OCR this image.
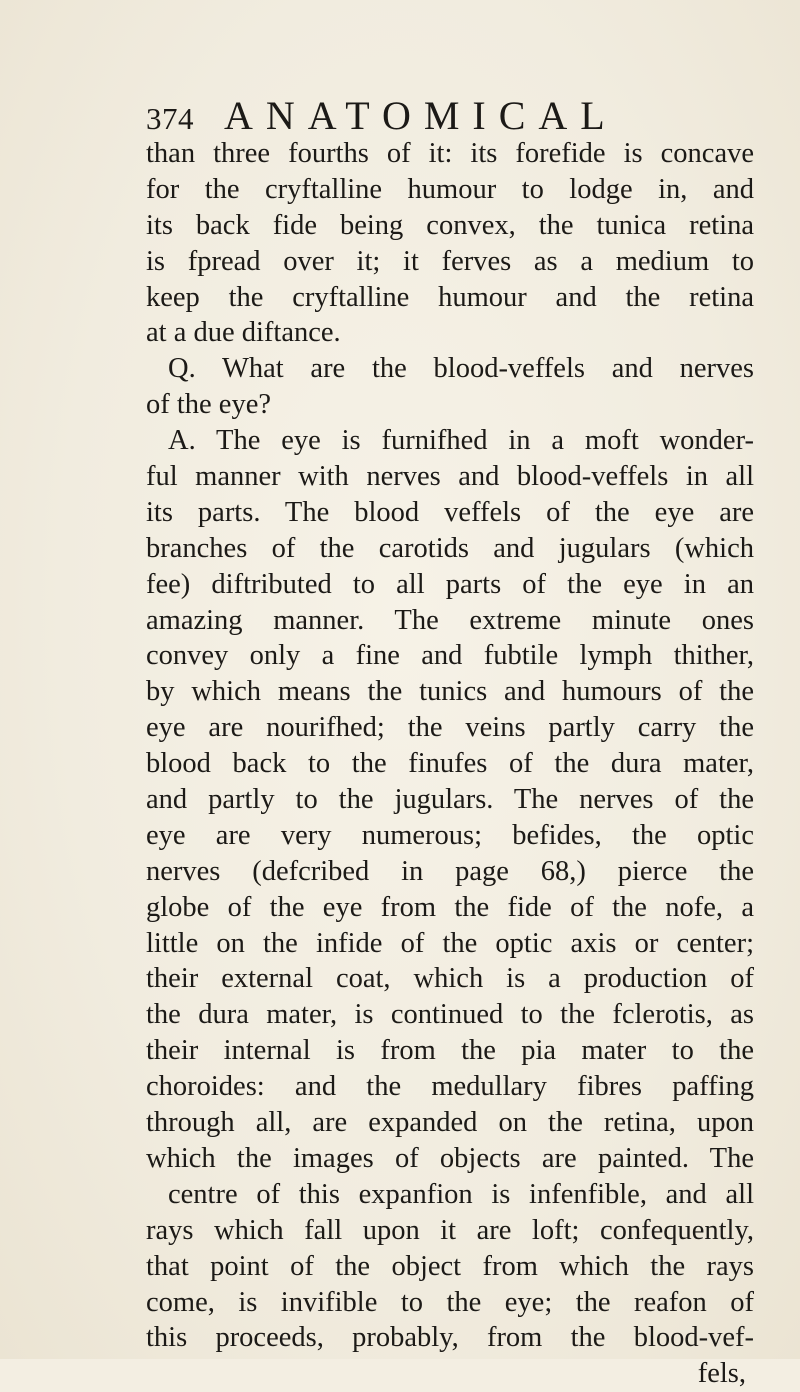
374 ANATOMICAL
than three fourths of it: its forefide is concave
for the cryftalline humour to lodge in, and
its back fide being convex, the tunica retina
is fpread over it; it ferves as a medium to
keep the cryftalline humour and the retina
at a due diftance.
Q. What are the blood-veffels and nerves
of the eye?
A. The eye is furnifhed in a moft wonder-
ful manner with nerves and blood-veffels in all
its parts. The blood veffels of the eye are
branches of the carotids and jugulars (which
fee) diftributed to all parts of the eye in an
amazing manner. The extreme minute ones
convey only a fine and fubtile lymph thither,
by which means the tunics and humours of the
eye are nourifhed; the veins partly carry the
blood back to the finufes of the dura mater,
and partly to the jugulars. The nerves of the
eye are very numerous; befides, the optic
nerves (defcribed in page 68,) pierce the
globe of the eye from the fide of the nofe, a
little on the infide of the optic axis or center;
their external coat, which is a production of
the dura mater, is continued to the fclerotis, as
their internal is from the pia mater to the
choroides: and the medullary fibres paffing
through all, are expanded on the retina, upon
which the images of objects are painted. The
centre of this expanfion is infenfible, and all
rays which fall upon it are loft; confequently,
that point of the object from which the rays
come, is invifible to the eye; the reafon of
this proceeds, probably, from the blood-vef-
fels,
